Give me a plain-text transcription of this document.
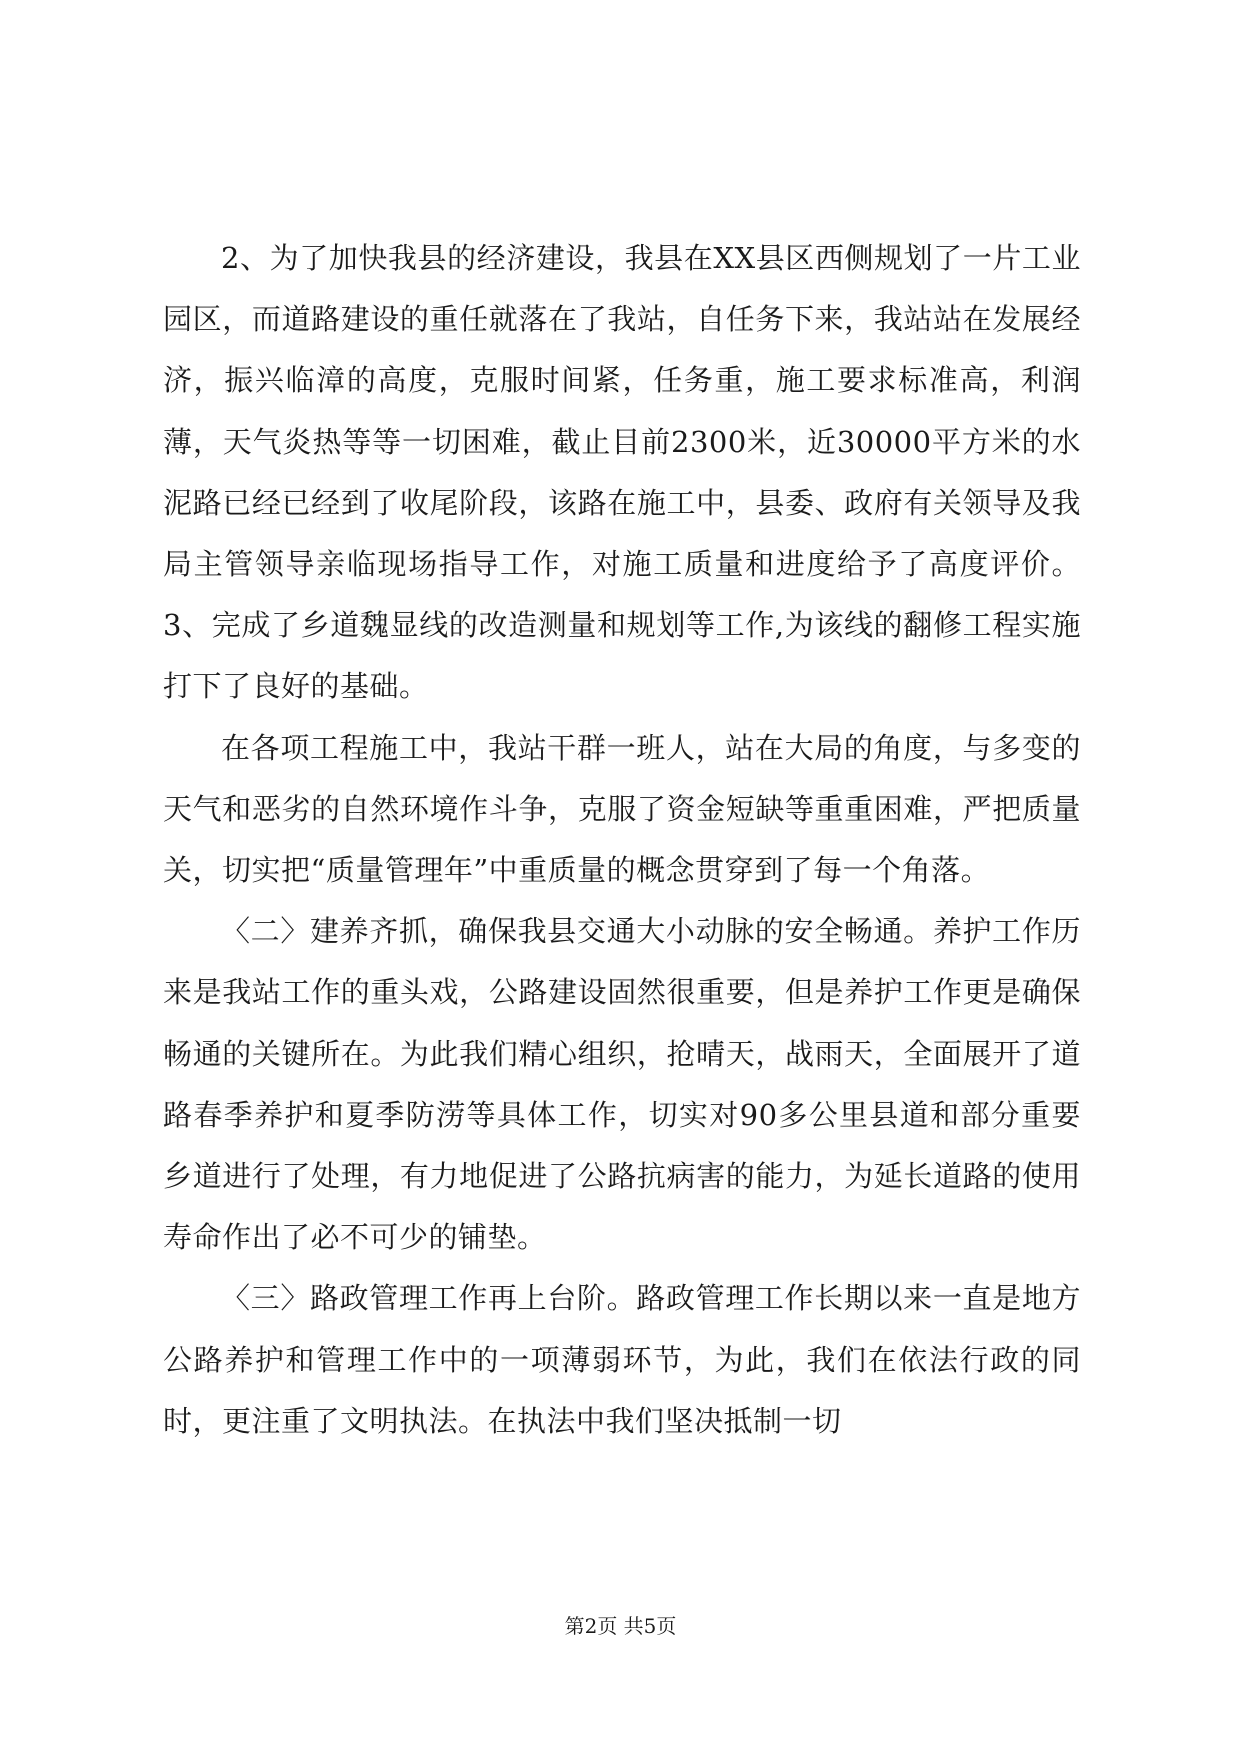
2、为了加快我县的经济建设，我县在XX县区西侧规划了一片工业园区，而道路建设的重任就落在了我站，自任务下来，我站站在发展经济，振兴临漳的高度，克服时间紧，任务重，施工要求标准高，利润薄，天气炎热等等一切困难，截止目前2300米，近30000平方米的水泥路已经已经到了收尾阶段，该路在施工中，县委、政府有关领导及我局主管领导亲临现场指导工作，对施工质量和进度给予了高度评价。3、完成了乡道魏显线的改造测量和规划等工作,为该线的翻修工程实施打下了良好的基础。

在各项工程施工中，我站干群一班人，站在大局的角度，与多变的天气和恶劣的自然环境作斗争，克服了资金短缺等重重困难，严把质量关，切实把“质量管理年”中重质量的概念贯穿到了每一个角落。

〈二〉建养齐抓，确保我县交通大小动脉的安全畅通。养护工作历来是我站工作的重头戏，公路建设固然很重要，但是养护工作更是确保畅通的关键所在。为此我们精心组织，抢晴天，战雨天，全面展开了道路春季养护和夏季防涝等具体工作，切实对90多公里县道和部分重要乡道进行了处理，有力地促进了公路抗病害的能力，为延长道路的使用寿命作出了必不可少的铺垫。

〈三〉路政管理工作再上台阶。路政管理工作长期以来一直是地方公路养护和管理工作中的一项薄弱环节，为此，我们在依法行政的同时，更注重了文明执法。在执法中我们坚决抵制一切

第2页 共5页
